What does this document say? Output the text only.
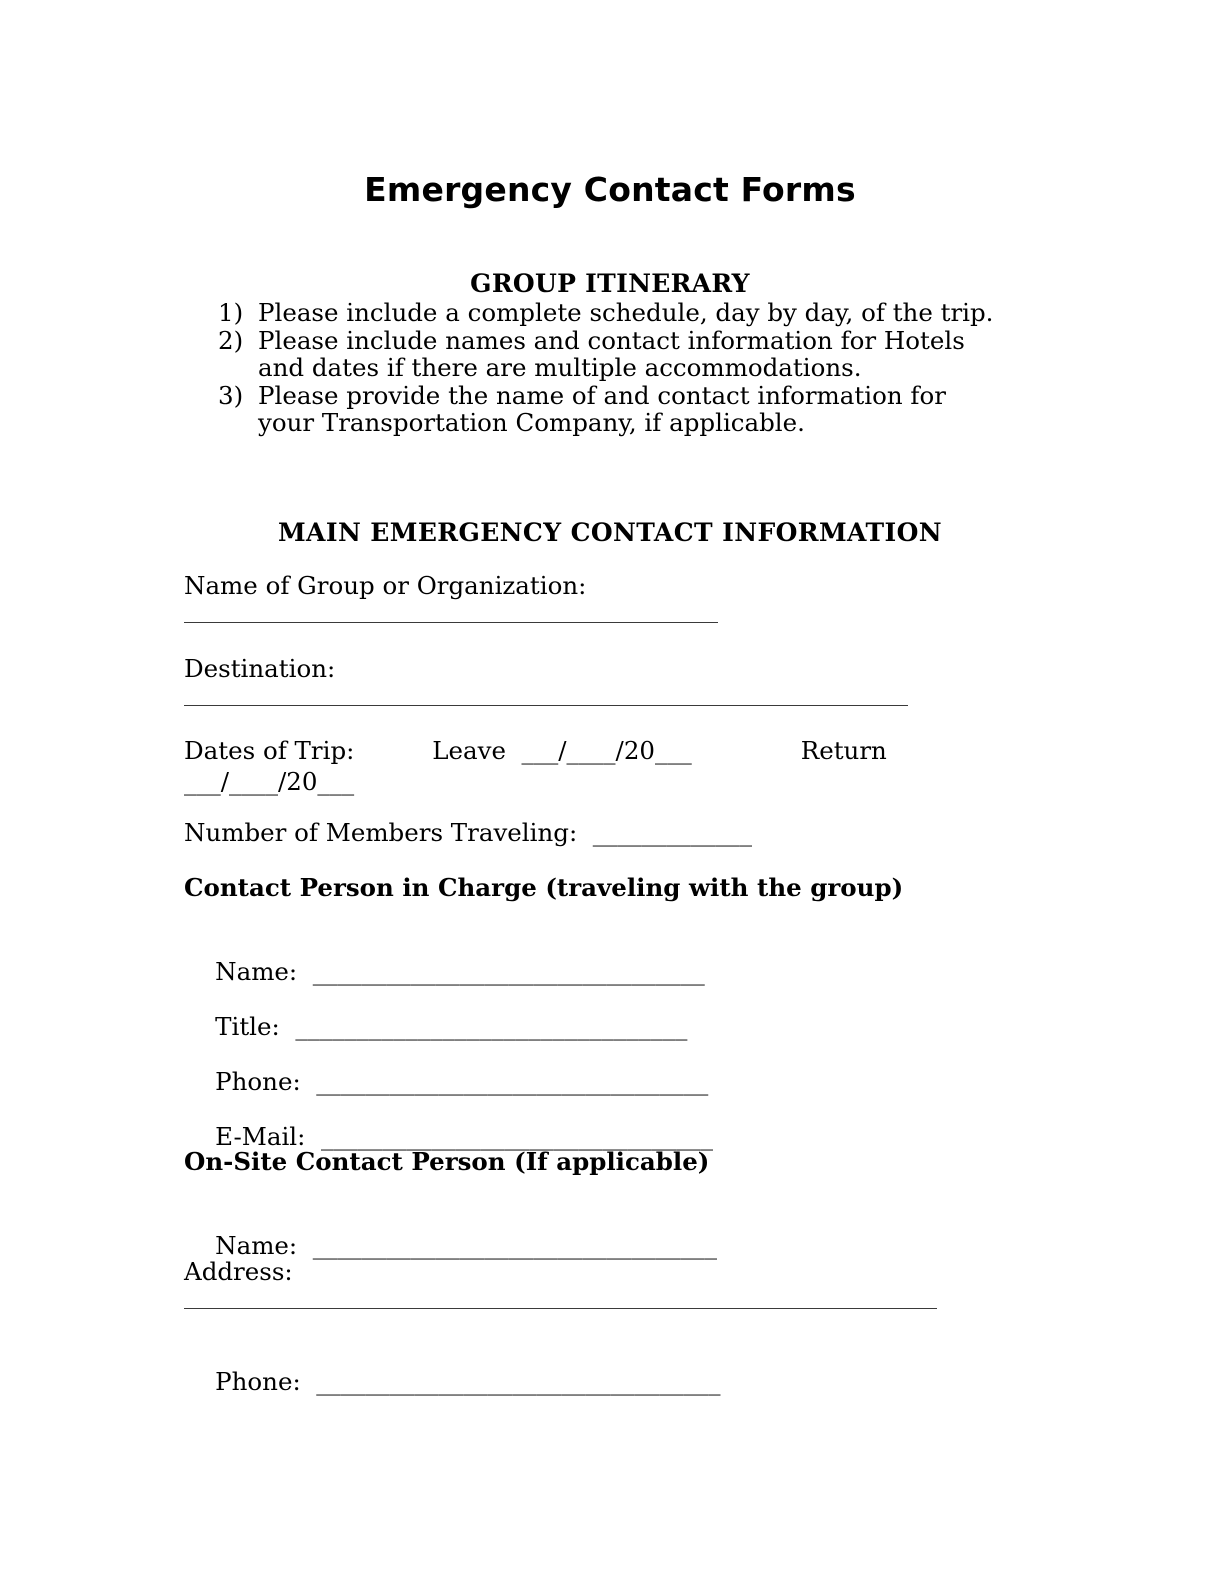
Emergency Contact Forms
GROUP ITINERARY
1) Please include a complete schedule, day by day, of the trip.
2) Please include names and contact information for Hotels and dates if there are multiple accommodations.
3) Please provide the name of and contact information for your Transportation Company, if applicable.
MAIN EMERGENCY CONTACT INFORMATION
Name of Group or Organization:
Destination:
Dates of Trip:          Leave  ___/____/20___              Return
___/____/20___
Number of Members Traveling:  _____________
Contact Person in Charge (traveling with the group)

Name:  ________________________________

Title:  ________________________________

Phone:  ________________________________

E-Mail:  ________________________________

On-Site Contact Person (If applicable)

Name:  _________________________________

Address:

Phone:  _________________________________
